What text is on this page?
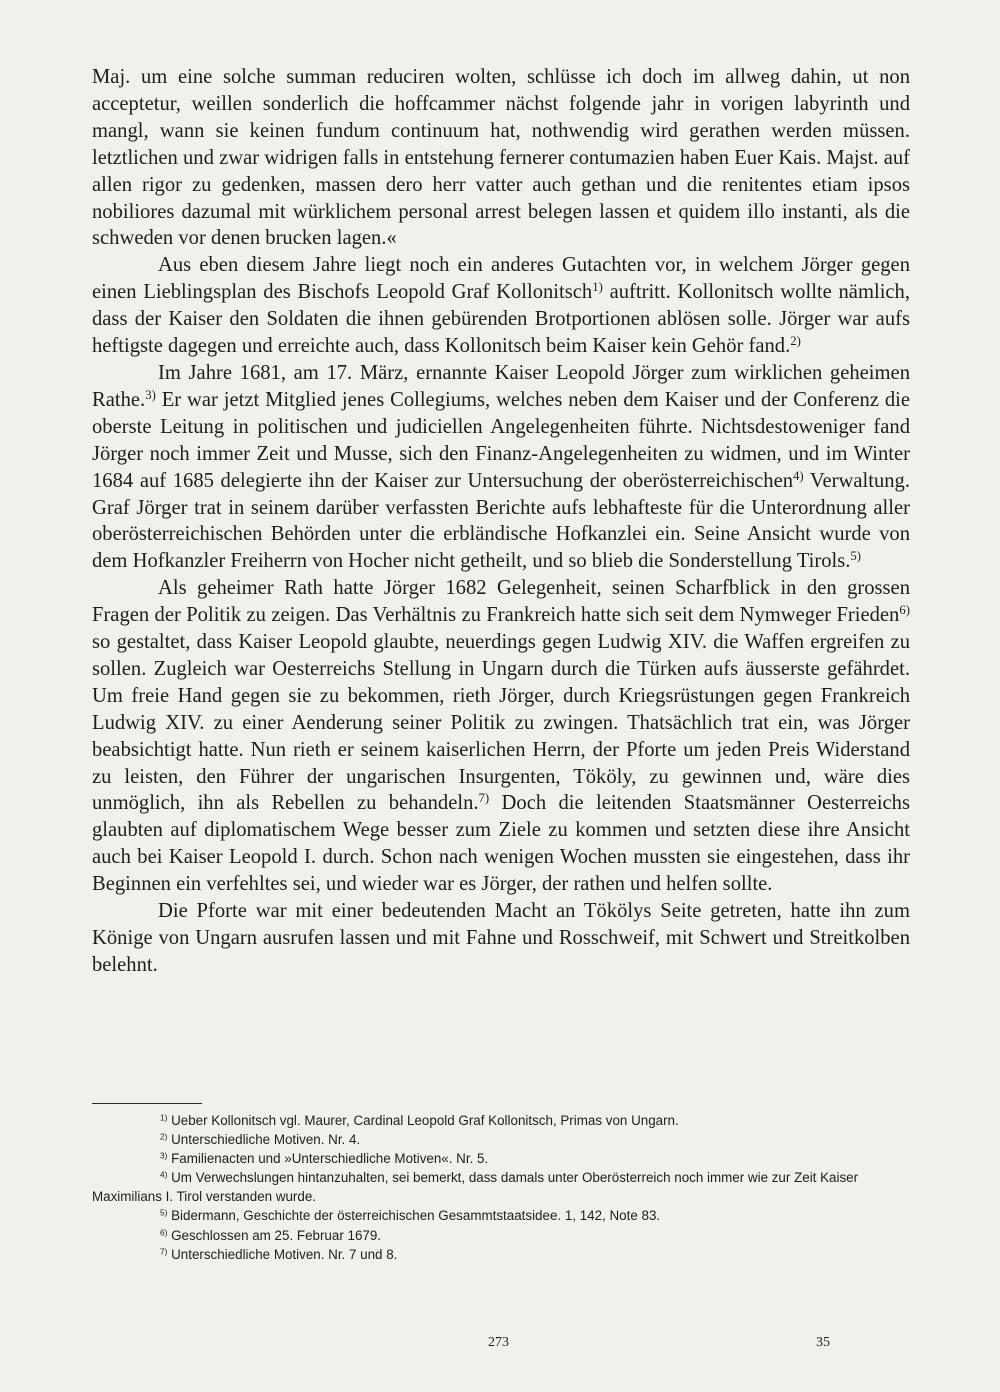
Maj. um eine solche summan reduciren wolten, schlüsse ich doch im allweg dahin, ut non acceptetur, weillen sonderlich die hoffcammer nächst folgende jahr in vorigen labyrinth und mangl, wann sie keinen fundum continuum hat, nothwendig wird gerathen werden müssen. letztlichen und zwar widrigen falls in entstehung fernerer contumazien haben Euer Kais. Majst. auf allen rigor zu gedenken, massen dero herr vatter auch gethan und die renitentes etiam ipsos nobiliores dazumal mit würklichem personal arrest belegen lassen et quidem illo instanti, als die schweden vor denen brucken lagen.«

Aus eben diesem Jahre liegt noch ein anderes Gutachten vor, in welchem Jörger gegen einen Lieblingsplan des Bischofs Leopold Graf Kollonitsch$^{1)}$ auftritt. Kollonitsch wollte nämlich, dass der Kaiser den Soldaten die ihnen gebürenden Brotportionen ablösen solle. Jörger war aufs heftigste dagegen und erreichte auch, dass Kollonitsch beim Kaiser kein Gehör fand.$^{2)}$

Im Jahre 1681, am 17. März, ernannte Kaiser Leopold Jörger zum wirklichen geheimen Rathe.$^{3)}$ Er war jetzt Mitglied jenes Collegiums, welches neben dem Kaiser und der Conferenz die oberste Leitung in politischen und judiciellen Angelegenheiten führte. Nichtsdestoweniger fand Jörger noch immer Zeit und Musse, sich den Finanz-Angelegenheiten zu widmen, und im Winter 1684 auf 1685 delegierte ihn der Kaiser zur Untersuchung der oberösterreichischen$^{4)}$ Verwaltung. Graf Jörger trat in seinem darüber verfassten Berichte aufs lebhafteste für die Unterordnung aller oberösterreichischen Behörden unter die erbländische Hofkanzlei ein. Seine Ansicht wurde von dem Hofkanzler Freiherrn von Hocher nicht getheilt, und so blieb die Sonderstellung Tirols.$^{5)}$

Als geheimer Rath hatte Jörger 1682 Gelegenheit, seinen Scharfblick in den grossen Fragen der Politik zu zeigen. Das Verhältnis zu Frankreich hatte sich seit dem Nymweger Frieden$^{6)}$ so gestaltet, dass Kaiser Leopold glaubte, neuerdings gegen Ludwig XIV. die Waffen ergreifen zu sollen. Zugleich war Oesterreichs Stellung in Ungarn durch die Türken aufs äusserste gefährdet. Um freie Hand gegen sie zu bekommen, rieth Jörger, durch Kriegsrüstungen gegen Frankreich Ludwig XIV. zu einer Aenderung seiner Politik zu zwingen. Thatsächlich trat ein, was Jörger beabsichtigt hatte. Nun rieth er seinem kaiserlichen Herrn, der Pforte um jeden Preis Widerstand zu leisten, den Führer der ungarischen Insurgenten, Tököly, zu gewinnen und, wäre dies unmöglich, ihn als Rebellen zu behandeln.$^{7)}$ Doch die leitenden Staatsmänner Oesterreichs glaubten auf diplomatischem Wege besser zum Ziele zu kommen und setzten diese ihre Ansicht auch bei Kaiser Leopold I. durch. Schon nach wenigen Wochen mussten sie eingestehen, dass ihr Beginnen ein verfehltes sei, und wieder war es Jörger, der rathen und helfen sollte.

Die Pforte war mit einer bedeutenden Macht an Tökölys Seite getreten, hatte ihn zum Könige von Ungarn ausrufen lassen und mit Fahne und Rosschweif, mit Schwert und Streitkolben belehnt.

$^{1)}$ Ueber Kollonitsch vgl. Maurer, Cardinal Leopold Graf Kollonitsch, Primas von Ungarn.

$^{2)}$ Unterschiedliche Motiven. Nr. 4.

$^{3)}$ Familienacten und »Unterschiedliche Motiven«. Nr. 5.

$^{4)}$ Um Verwechslungen hintanzuhalten, sei bemerkt, dass damals unter Oberösterreich noch immer wie zur Zeit Kaiser Maximilians I. Tirol verstanden wurde.

$^{5)}$ Bidermann, Geschichte der österreichischen Gesammtstaatsidee. 1, 142, Note 83.

$^{6)}$ Geschlossen am 25. Februar 1679.

$^{7)}$ Unterschiedliche Motiven. Nr. 7 und 8.

273	35
